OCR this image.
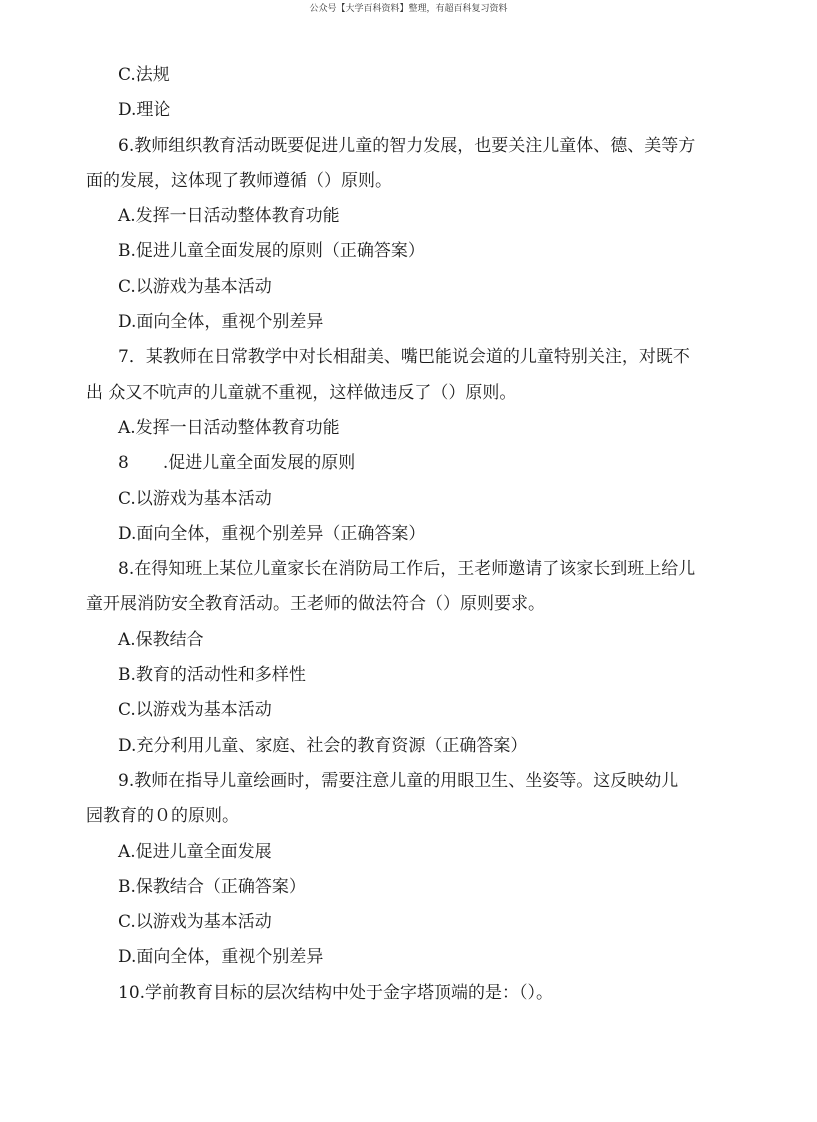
公众号【大学百科资料】整理，有超百科复习资料
C.法规
D.理论
6.教师组织教育活动既要促进儿童的智力发展，也要关注儿童体、德、美等方
面的发展，这体现了教师遵循（）原则。
A.发挥一日活动整体教育功能
B.促进儿童全面发展的原则（正确答案）
C.以游戏为基本活动
D.面向全体，重视个别差异
7．某教师在日常教学中对长相甜美、嘴巴能说会道的儿童特别关注，对既不
出 众又不吭声的儿童就不重视，这样做违反了（）原则。
A.发挥一日活动整体教育功能
8　　.促进儿童全面发展的原则
C.以游戏为基本活动
D.面向全体，重视个别差异（正确答案）
8.在得知班上某位儿童家长在消防局工作后，王老师邀请了该家长到班上给儿
童开展消防安全教育活动。王老师的做法符合（）原则要求。
A.保教结合
B.教育的活动性和多样性
C.以游戏为基本活动
D.充分利用儿童、家庭、社会的教育资源（正确答案）
9.教师在指导儿童绘画时，需要注意儿童的用眼卫生、坐姿等。这反映幼儿
园教育的０的原则。
A.促进儿童全面发展
B.保教结合（正确答案）
C.以游戏为基本活动
D.面向全体，重视个别差异
10.学前教育目标的层次结构中处于金字塔顶端的是：（）。
